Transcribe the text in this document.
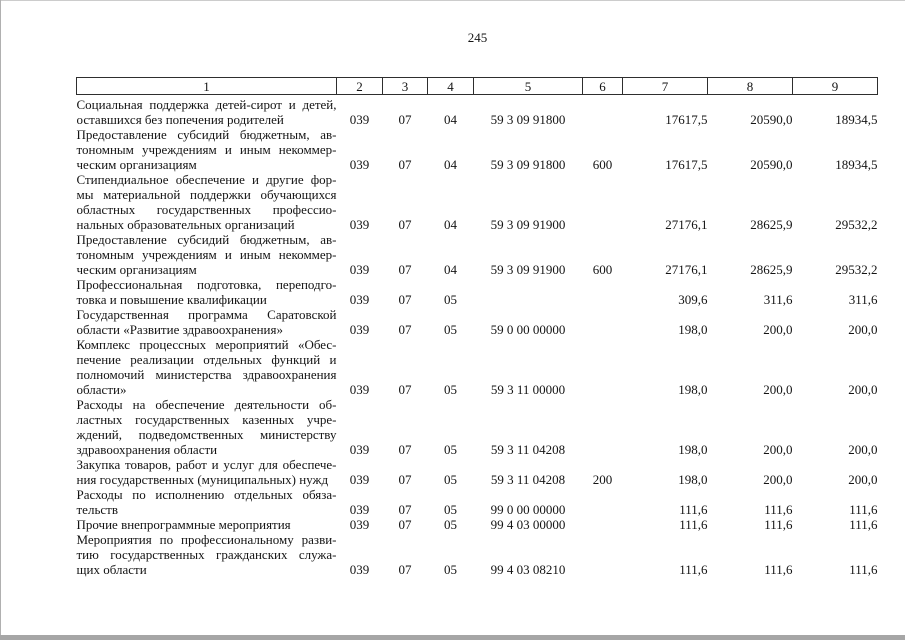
245
1	2	3	4	5	6	7	8	9

Социальная поддержка детей-сирот и детей,
оставшихся без попечения родителей	039	07	04	59 3 09 91800		17617,5	20590,0	18934,5

Предоставление субсидий бюджетным, ав-
тономным учреждениям и иным некоммер-
ческим организациям	039	07	04	59 3 09 91800	600	17617,5	20590,0	18934,5

Стипендиальное обеспечение и другие фор-
мы материальной поддержки обучающихся
областных государственных профессио-
нальных образовательных организаций	039	07	04	59 3 09 91900		27176,1	28625,9	29532,2

Предоставление субсидий бюджетным, ав-
тономным учреждениям и иным некоммер-
ческим организациям	039	07	04	59 3 09 91900	600	27176,1	28625,9	29532,2

Профессиональная подготовка, переподго-
товка и повышение квалификации	039	07	05			309,6	311,6	311,6

Государственная программа Саратовской
области «Развитие здравоохранения»	039	07	05	59 0 00 00000		198,0	200,0	200,0

Комплекс процессных мероприятий «Обес-
печение реализации отдельных функций и
полномочий министерства здравоохранения
области»	039	07	05	59 3 11 00000		198,0	200,0	200,0

Расходы на обеспечение деятельности об-
ластных государственных казенных учре-
ждений, подведомственных министерству
здравоохранения области	039	07	05	59 3 11 04208		198,0	200,0	200,0

Закупка товаров, работ и услуг для обеспече-
ния государственных (муниципальных) нужд	039	07	05	59 3 11 04208	200	198,0	200,0	200,0

Расходы по исполнению отдельных обяза-
тельств	039	07	05	99 0 00 00000		111,6	111,6	111,6

Прочие внепрограммные мероприятия	039	07	05	99 4 03 00000		111,6	111,6	111,6

Мероприятия по профессиональному разви-
тию государственных гражданских служа-
щих области	039	07	05	99 4 03 08210		111,6	111,6	111,6
